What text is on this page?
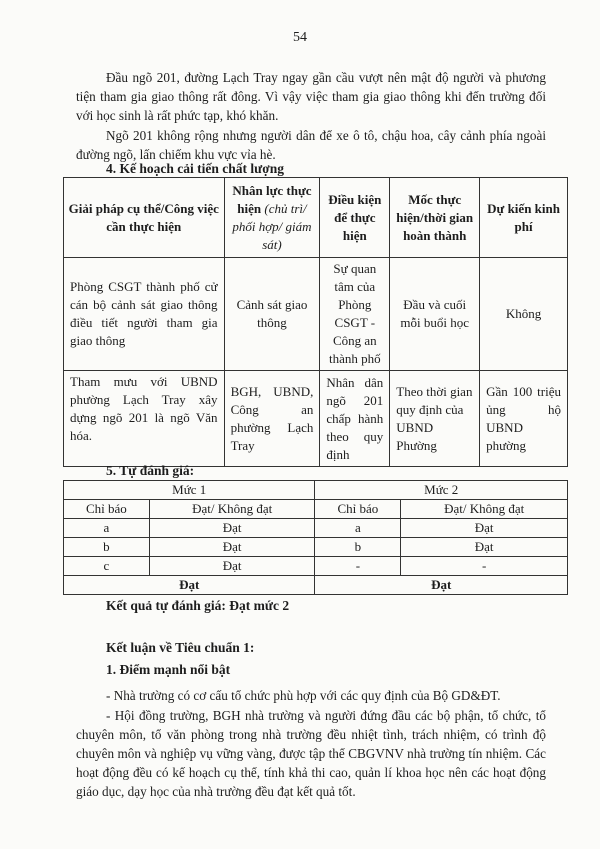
54

Đầu ngõ 201, đường Lạch Tray ngay gần cầu vượt nên mật độ người và phương tiện tham gia giao thông rất đông. Vì vậy việc tham gia giao thông khi đến trường đối với học sinh là rất phức tạp, khó khăn.

Ngõ 201 không rộng nhưng người dân để xe ô tô, chậu hoa, cây cảnh phía ngoài đường ngõ, lấn chiếm khu vực vỉa hè.

4. Kế hoạch cải tiến chất lượng

Giải pháp cụ thể/Công việc cần thực hiện	Nhân lực thực hiện (chủ trì/ phối hợp/ giám sát)	Điều kiện để thực hiện	Mốc thực hiện/thời gian hoàn thành	Dự kiến kinh phí
Phòng CSGT thành phố cử cán bộ cảnh sát giao thông điều tiết người tham gia giao thông	Cảnh sát giao thông	Sự quan tâm của Phòng CSGT - Công an thành phố	Đầu và cuối mỗi buổi học	Không
Tham mưu với UBND phường Lạch Tray xây dựng ngõ 201 là ngõ Văn hóa.	BGH, UBND, Công an phường Lạch Tray	Nhân dân ngõ 201 chấp hành theo quy định	Theo thời gian quy định của UBND Phường	Gần 100 triệu ủng hộ UBND phường

5. Tự đánh giá:

Mức 1		Mức 2	
Chỉ báo	Đạt/ Không đạt	Chỉ báo	Đạt/ Không đạt
a	Đạt	a	Đạt
b	Đạt	b	Đạt
c	Đạt	-	-
Đạt		Đạt	

Kết quả tự đánh giá: Đạt mức 2

Kết luận về Tiêu chuẩn 1:

1. Điểm mạnh nổi bật

- Nhà trường có cơ cấu tổ chức phù hợp với các quy định của Bộ GD&ĐT.

- Hội đồng trường, BGH nhà trường và người đứng đầu các bộ phận, tổ chức, tổ chuyên môn, tổ văn phòng trong nhà trường đều nhiệt tình, trách nhiệm, có trình độ chuyên môn và nghiệp vụ vững vàng, được tập thể CBGVNV nhà trường tín nhiệm. Các hoạt động đều có kế hoạch cụ thể, tính khả thi cao, quản lí khoa học nên các hoạt động giáo dục, dạy học của nhà trường đều đạt kết quả tốt.
